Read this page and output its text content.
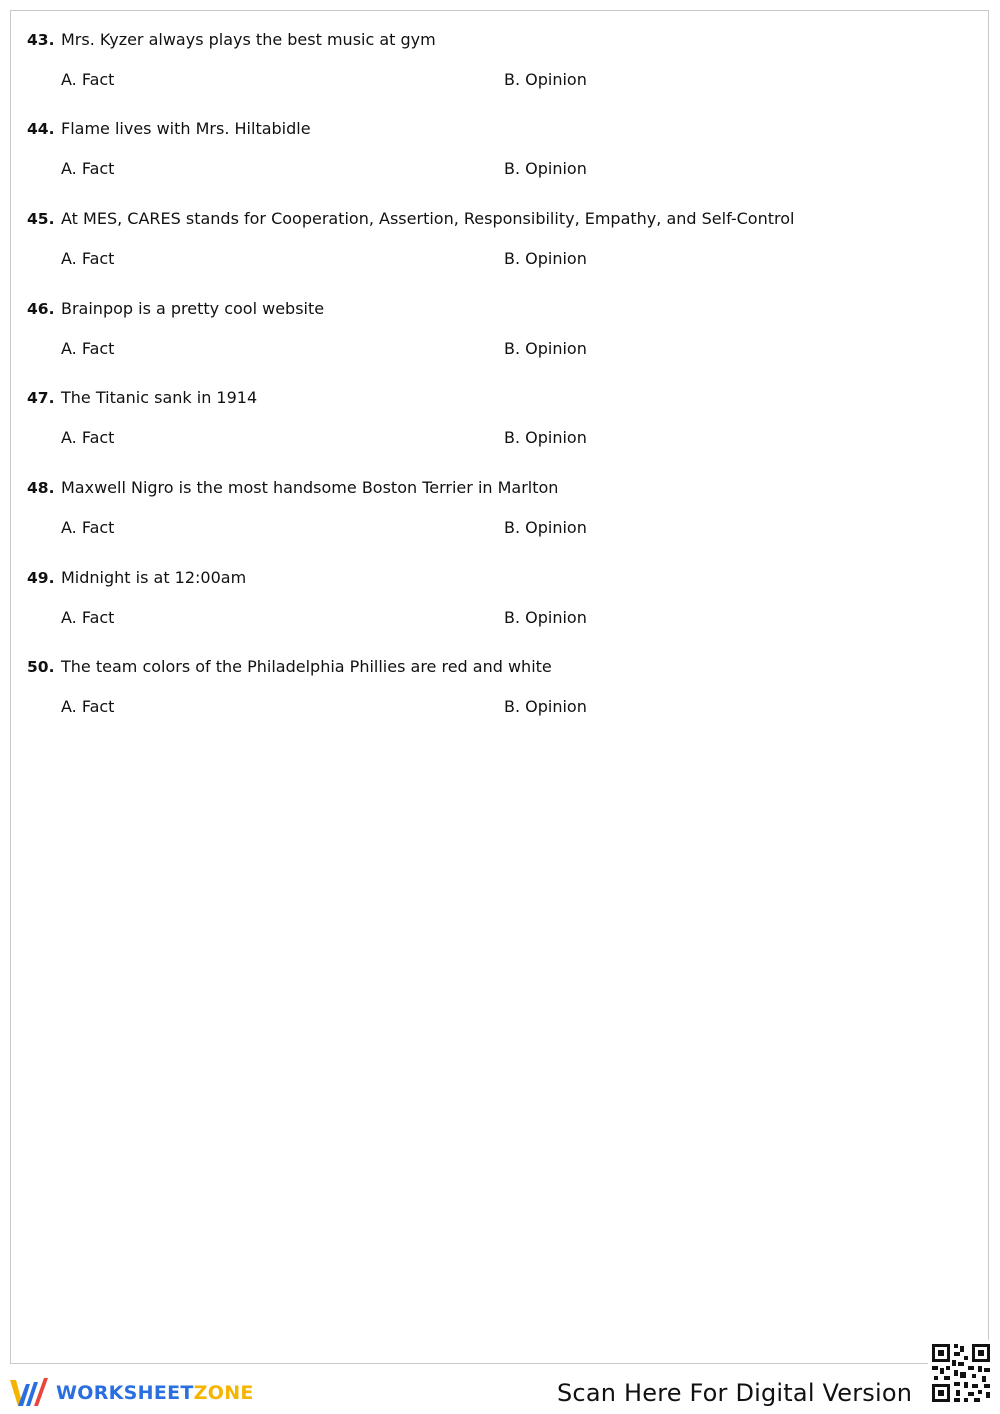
43. Mrs. Kyzer always plays the best music at gym
A. Fact	B. Opinion
44. Flame lives with Mrs. Hiltabidle
A. Fact	B. Opinion
45. At MES, CARES stands for Cooperation, Assertion, Responsibility, Empathy, and Self-Control
A. Fact	B. Opinion
46. Brainpop is a pretty cool website
A. Fact	B. Opinion
47. The Titanic sank in 1914
A. Fact	B. Opinion
48. Maxwell Nigro is the most handsome Boston Terrier in Marlton
A. Fact	B. Opinion
49. Midnight is at 12:00am
A. Fact	B. Opinion
50. The team colors of the Philadelphia Phillies are red and white
A. Fact	B. Opinion
WORKSHEETZONE	Scan Here For Digital Version
